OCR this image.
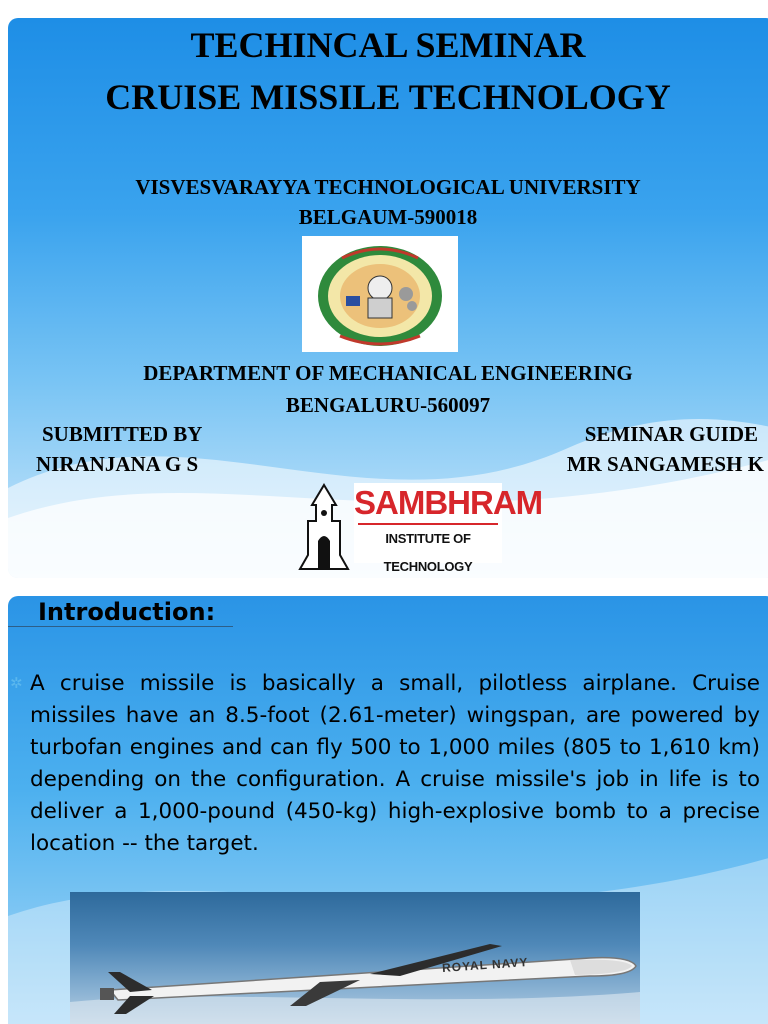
TECHINCAL SEMINAR

CRUISE MISSILE TECHNOLOGY

VISVESVARAYYA TECHNOLOGICAL UNIVERSITY

BELGAUM-590018

DEPARTMENT OF MECHANICAL ENGINEERING

BENGALURU-560097

SUBMITTED BY
NIRANJANA G S
SEMINAR GUIDE
MR SANGAMESH K
SAMBHRAM
INSTITUTE OF TECHNOLOGY

Introduction:

✲ A cruise missile is basically a small, pilotless airplane. Cruise missiles have an 8.5-foot (2.61-meter) wingspan, are powered by turbofan engines and can fly 500 to 1,000 miles (805 to 1,610 km) depending on the configuration. A cruise missile's job in life is to deliver a 1,000-pound (450-kg) high-explosive bomb to a precise location -- the target.

ROYAL NAVY
